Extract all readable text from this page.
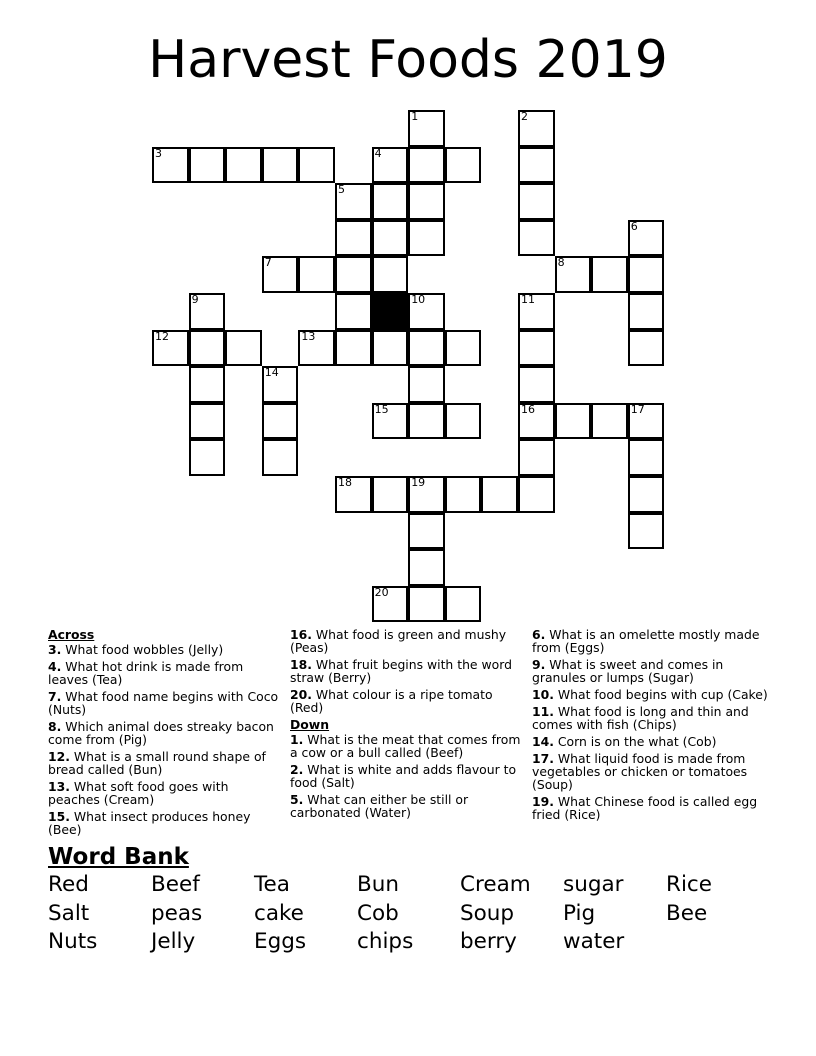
Harvest Foods 2019
1	2
3	4
5
6
7	8
9	10	11
12	13
14
15	16	17
18	19
20
Across
3. What food wobbles (Jelly)
4. What hot drink is made from leaves (Tea)
7. What food name begins with Coco (Nuts)
8. Which animal does streaky bacon come from (Pig)
12. What is a small round shape of bread called (Bun)
13. What soft food goes with peaches (Cream)
15. What insect produces honey (Bee)
16. What food is green and mushy (Peas)
18. What fruit begins with the word straw (Berry)
20. What colour is a ripe tomato (Red)
Down
1. What is the meat that comes from a cow or a bull called (Beef)
2. What is white and adds flavour to food (Salt)
5. What can either be still or carbonated (Water)
6. What is an omelette mostly made from (Eggs)
9. What is sweet and comes in granules or lumps (Sugar)
10. What food begins with cup (Cake)
11. What food is long and thin and comes with fish (Chips)
14. Corn is on the what (Cob)
17. What liquid food is made from vegetables or chicken or tomatoes (Soup)
19. What Chinese food is called egg fried (Rice)
Word Bank
Red	Beef	Tea	Bun	Cream sugar Rice
Salt	peas cake Cob	Soup Pig	Bee
Nuts Jelly	Eggs chips berry water
